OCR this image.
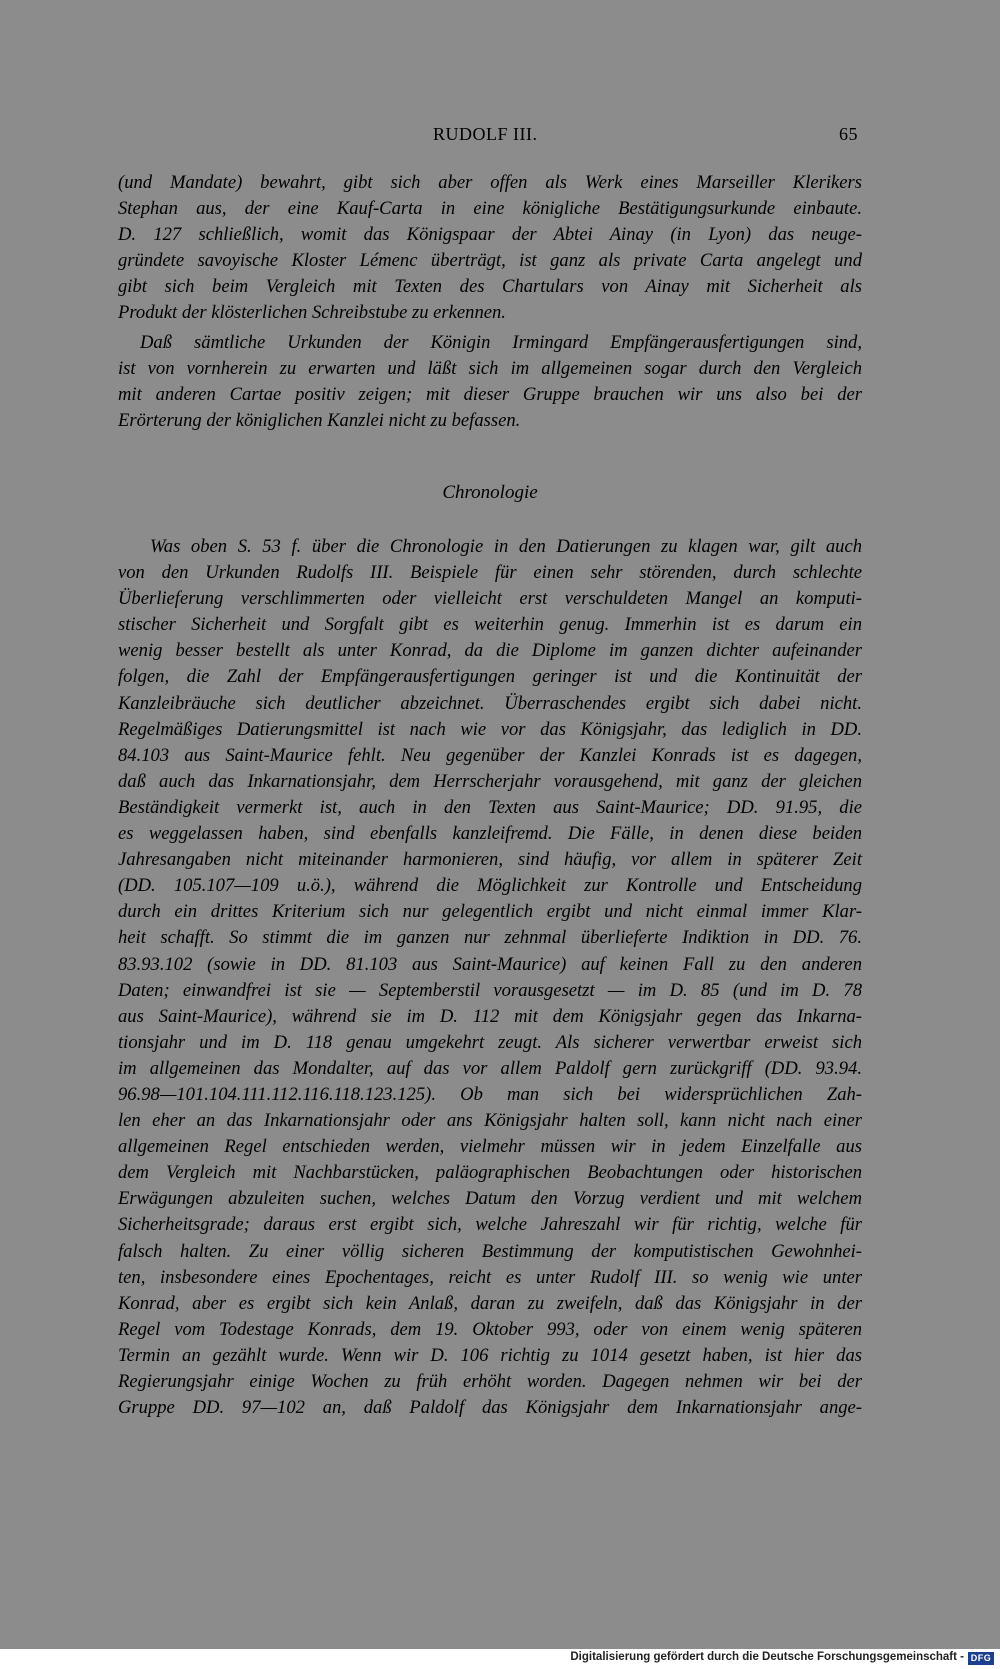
RUDOLF III.	65
(und Mandate) bewahrt, gibt sich aber offen als Werk eines Marseiller Klerikers
Stephan aus, der eine Kauf-Carta in eine königliche Bestätigungsurkunde einbaute.
D. 127 schließlich, womit das Königspaar der Abtei Ainay (in Lyon) das neuge-
gründete savoyische Kloster Lémenc überträgt, ist ganz als private Carta angelegt und
gibt sich beim Vergleich mit Texten des Chartulars von Ainay mit Sicherheit als
Produkt der klösterlichen Schreibstube zu erkennen.
Daß sämtliche Urkunden der Königin Irmingard Empfängerausfertigungen sind,
ist von vornherein zu erwarten und läßt sich im allgemeinen sogar durch den Vergleich
mit anderen Cartae positiv zeigen; mit dieser Gruppe brauchen wir uns also bei der
Erörterung der königlichen Kanzlei nicht zu befassen.
Chronologie
Was oben S. 53 f. über die Chronologie in den Datierungen zu klagen war, gilt auch
von den Urkunden Rudolfs III. Beispiele für einen sehr störenden, durch schlechte
Überlieferung verschlimmerten oder vielleicht erst verschuldeten Mangel an komputi-
stischer Sicherheit und Sorgfalt gibt es weiterhin genug. Immerhin ist es darum ein
wenig besser bestellt als unter Konrad, da die Diplome im ganzen dichter aufeinander
folgen, die Zahl der Empfängerausfertigungen geringer ist und die Kontinuität der
Kanzleibräuche sich deutlicher abzeichnet. Überraschendes ergibt sich dabei nicht.
Regelmäßiges Datierungsmittel ist nach wie vor das Königsjahr, das lediglich in DD.
84.103 aus Saint-Maurice fehlt. Neu gegenüber der Kanzlei Konrads ist es dagegen,
daß auch das Inkarnationsjahr, dem Herrscherjahr vorausgehend, mit ganz der gleichen
Beständigkeit vermerkt ist, auch in den Texten aus Saint-Maurice; DD. 91.95, die
es weggelassen haben, sind ebenfalls kanzleifremd. Die Fälle, in denen diese beiden
Jahresangaben nicht miteinander harmonieren, sind häufig, vor allem in späterer Zeit
(DD. 105.107—109 u.ö.), während die Möglichkeit zur Kontrolle und Entscheidung
durch ein drittes Kriterium sich nur gelegentlich ergibt und nicht einmal immer Klar-
heit schafft. So stimmt die im ganzen nur zehnmal überlieferte Indiktion in DD. 76.
83.93.102 (sowie in DD. 81.103 aus Saint-Maurice) auf keinen Fall zu den anderen
Daten; einwandfrei ist sie — Septemberstil vorausgesetzt — im D. 85 (und im D. 78
aus Saint-Maurice), während sie im D. 112 mit dem Königsjahr gegen das Inkarna-
tionsjahr und im D. 118 genau umgekehrt zeugt. Als sicherer verwertbar erweist sich
im allgemeinen das Mondalter, auf das vor allem Paldolf gern zurückgriff (DD. 93.94.
96.98—101.104.111.112.116.118.123.125). Ob man sich bei widersprüchlichen Zah-
len eher an das Inkarnationsjahr oder ans Königsjahr halten soll, kann nicht nach einer
allgemeinen Regel entschieden werden, vielmehr müssen wir in jedem Einzelfalle aus
dem Vergleich mit Nachbarstücken, paläographischen Beobachtungen oder historischen
Erwägungen abzuleiten suchen, welches Datum den Vorzug verdient und mit welchem
Sicherheitsgrade; daraus erst ergibt sich, welche Jahreszahl wir für richtig, welche für
falsch halten. Zu einer völlig sicheren Bestimmung der komputistischen Gewohnhei-
ten, insbesondere eines Epochentages, reicht es unter Rudolf III. so wenig wie unter
Konrad, aber es ergibt sich kein Anlaß, daran zu zweifeln, daß das Königsjahr in der
Regel vom Todestage Konrads, dem 19. Oktober 993, oder von einem wenig späteren
Termin an gezählt wurde. Wenn wir D. 106 richtig zu 1014 gesetzt haben, ist hier das
Regierungsjahr einige Wochen zu früh erhöht worden. Dagegen nehmen wir bei der
Gruppe DD. 97—102 an, daß Paldolf das Königsjahr dem Inkarnationsjahr ange-
Digitalisierung gefördert durch die Deutsche Forschungsgemeinschaft - DFG
